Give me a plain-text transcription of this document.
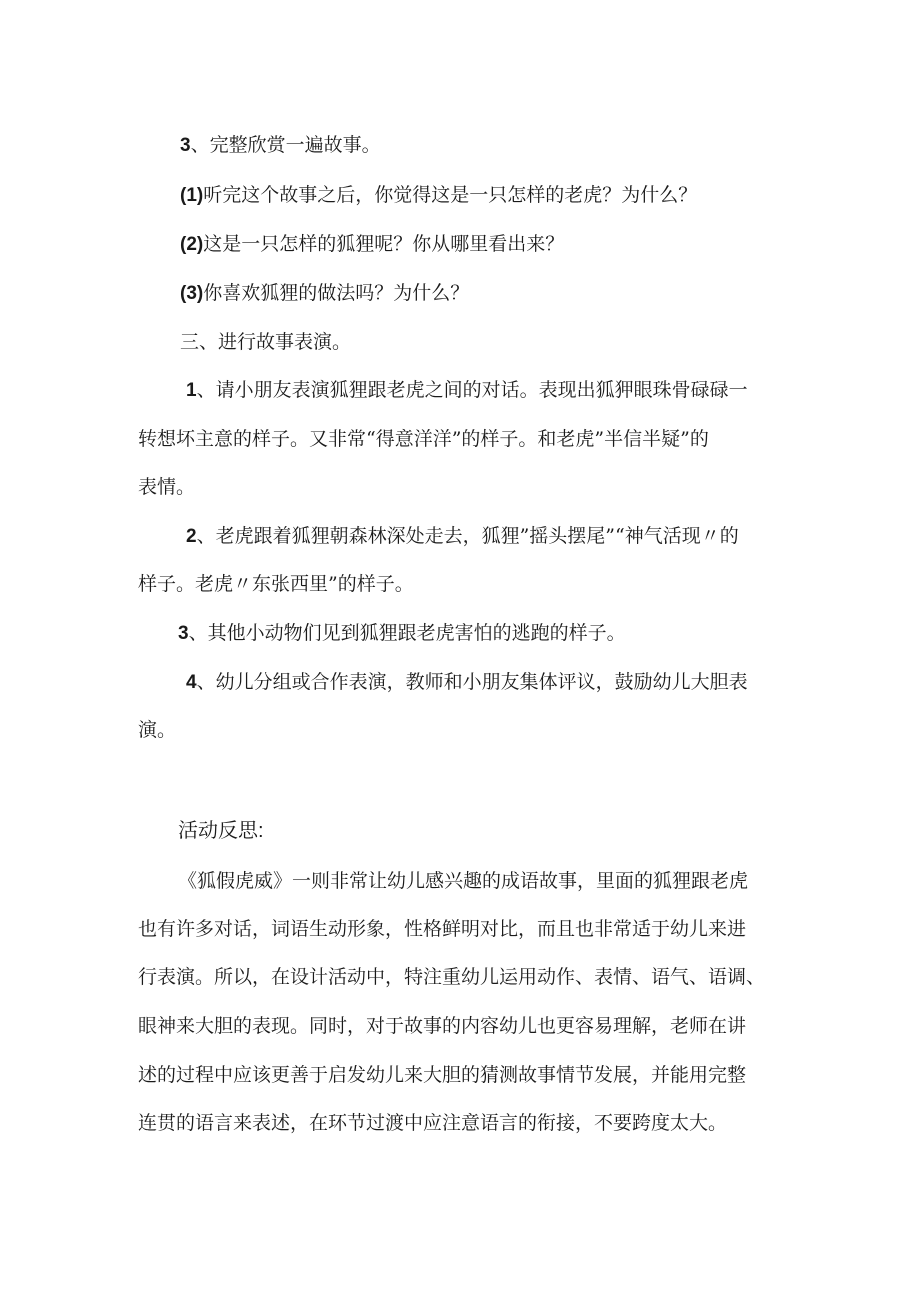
3、完整欣赏一遍故事。
(1)听完这个故事之后，你觉得这是一只怎样的老虎？为什么？
(2)这是一只怎样的狐狸呢？你从哪里看出来？
(3)你喜欢狐狸的做法吗？为什么？
三、进行故事表演。
1、请小朋友表演狐狸跟老虎之间的对话。表现出狐狎眼珠骨碌碌一
转想坏主意的样子。又非常“得意洋洋”的样子。和老虎”半信半疑”的
表情。
2、老虎跟着狐狸朝森林深处走去，狐狸”摇头摆尾”“神气活现〃的
样子。老虎〃东张西里”的样子。
3、其他小动物们见到狐狸跟老虎害怕的逃跑的样子。
4、幼儿分组或合作表演，教师和小朋友集体评议，鼓励幼儿大胆表
演。
活动反思:
《狐假虎威》一则非常让幼儿感兴趣的成语故事，里面的狐狸跟老虎
也有许多对话，词语生动形象，性格鲜明对比，而且也非常适于幼儿来进
行表演。所以，在设计活动中，特注重幼儿运用动作、表情、语气、语调、
眼神来大胆的表现。同时，对于故事的内容幼儿也更容易理解，老师在讲
述的过程中应该更善于启发幼儿来大胆的猜测故事情节发展，并能用完整
连贯的语言来表述，在环节过渡中应注意语言的衔接，不要跨度太大。
